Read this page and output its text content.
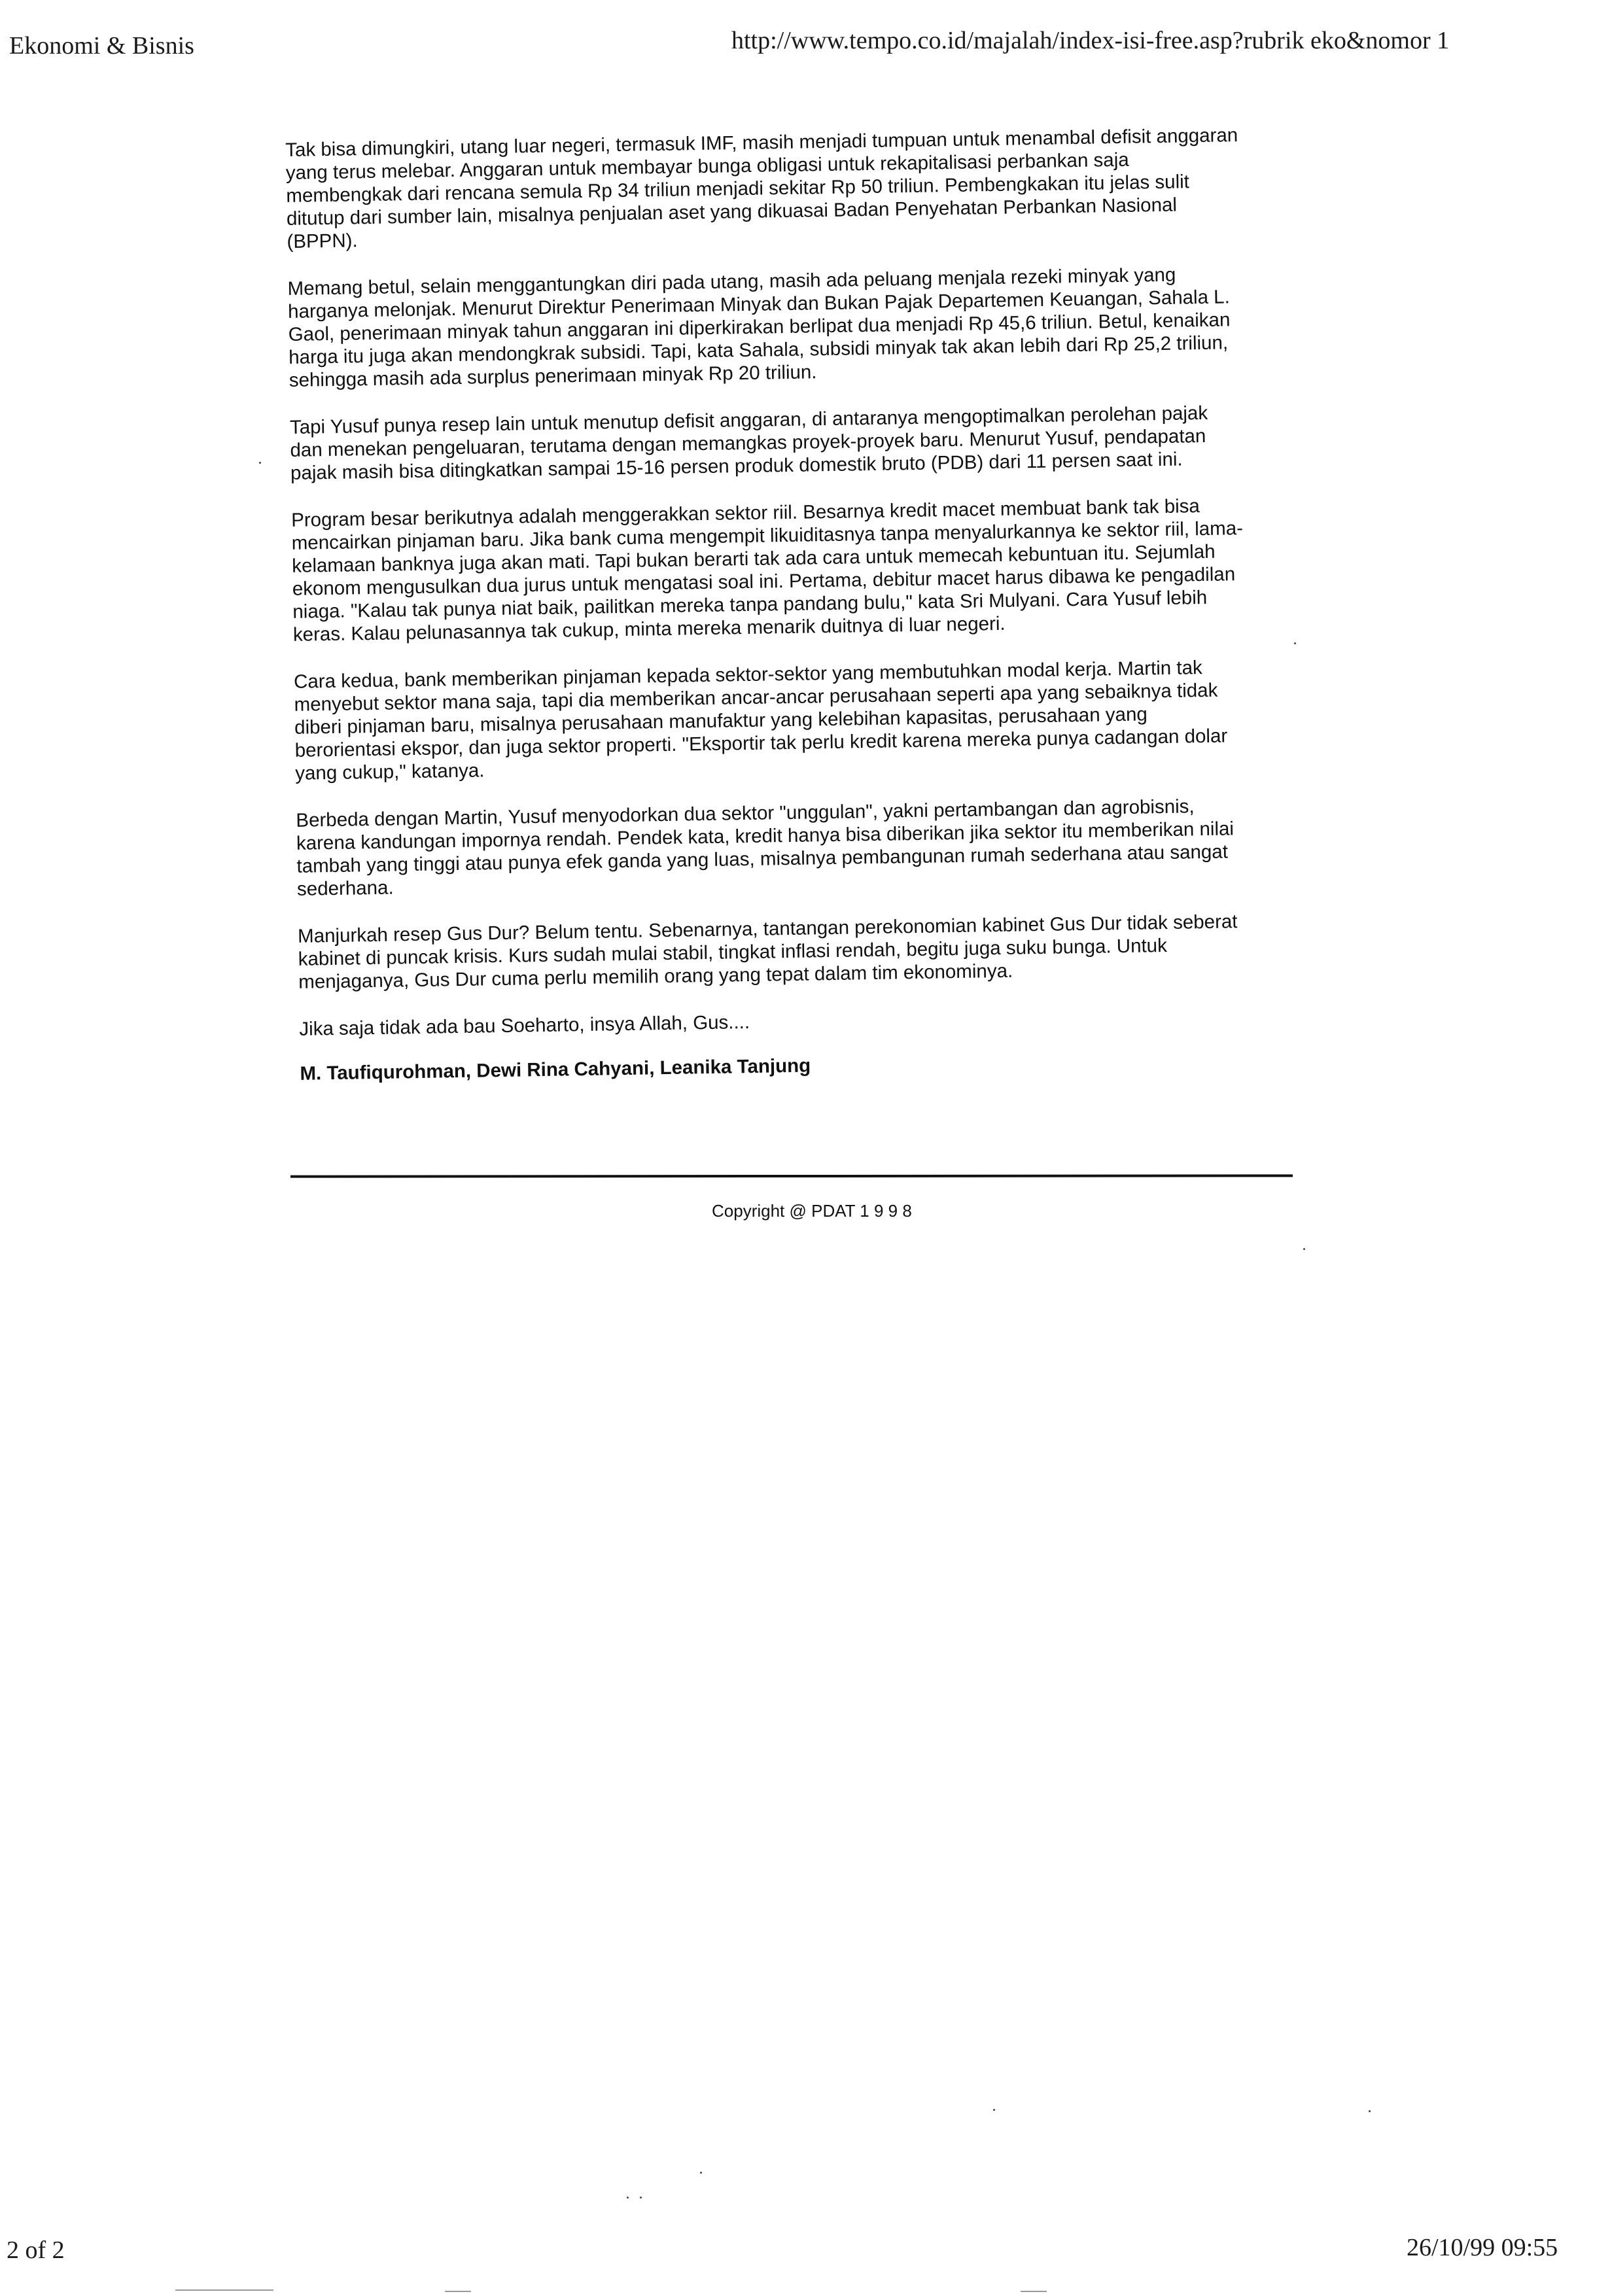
Ekonomi & Bisnis	http://www.tempo.co.id/majalah/index-isi-free.asp?rubrik eko&nomor 1

Tak bisa dimungkiri, utang luar negeri, termasuk IMF, masih menjadi tumpuan untuk menambal defisit anggaran yang terus melebar. Anggaran untuk membayar bunga obligasi untuk rekapitalisasi perbankan saja membengkak dari rencana semula Rp 34 triliun menjadi sekitar Rp 50 triliun. Pembengkakan itu jelas sulit ditutup dari sumber lain, misalnya penjualan aset yang dikuasai Badan Penyehatan Perbankan Nasional (BPPN).

Memang betul, selain menggantungkan diri pada utang, masih ada peluang menjala rezeki minyak yang harganya melonjak. Menurut Direktur Penerimaan Minyak dan Bukan Pajak Departemen Keuangan, Sahala L. Gaol, penerimaan minyak tahun anggaran ini diperkirakan berlipat dua menjadi Rp 45,6 triliun. Betul, kenaikan harga itu juga akan mendongkrak subsidi. Tapi, kata Sahala, subsidi minyak tak akan lebih dari Rp 25,2 triliun, sehingga masih ada surplus penerimaan minyak Rp 20 triliun.

Tapi Yusuf punya resep lain untuk menutup defisit anggaran, di antaranya mengoptimalkan perolehan pajak dan menekan pengeluaran, terutama dengan memangkas proyek-proyek baru. Menurut Yusuf, pendapatan pajak masih bisa ditingkatkan sampai 15-16 persen produk domestik bruto (PDB) dari 11 persen saat ini.

Program besar berikutnya adalah menggerakkan sektor riil. Besarnya kredit macet membuat bank tak bisa mencairkan pinjaman baru. Jika bank cuma mengempit likuiditasnya tanpa menyalurkannya ke sektor riil, lama-kelamaan banknya juga akan mati. Tapi bukan berarti tak ada cara untuk memecah kebuntuan itu. Sejumlah ekonom mengusulkan dua jurus untuk mengatasi soal ini. Pertama, debitur macet harus dibawa ke pengadilan niaga. "Kalau tak punya niat baik, pailitkan mereka tanpa pandang bulu," kata Sri Mulyani. Cara Yusuf lebih keras. Kalau pelunasannya tak cukup, minta mereka menarik duitnya di luar negeri.

Cara kedua, bank memberikan pinjaman kepada sektor-sektor yang membutuhkan modal kerja. Martin tak menyebut sektor mana saja, tapi dia memberikan ancar-ancar perusahaan seperti apa yang sebaiknya tidak diberi pinjaman baru, misalnya perusahaan manufaktur yang kelebihan kapasitas, perusahaan yang berorientasi ekspor, dan juga sektor properti. "Eksportir tak perlu kredit karena mereka punya cadangan dolar yang cukup," katanya.

Berbeda dengan Martin, Yusuf menyodorkan dua sektor "unggulan", yakni pertambangan dan agrobisnis, karena kandungan impornya rendah. Pendek kata, kredit hanya bisa diberikan jika sektor itu memberikan nilai tambah yang tinggi atau punya efek ganda yang luas, misalnya pembangunan rumah sederhana atau sangat sederhana.

Manjurkah resep Gus Dur? Belum tentu. Sebenarnya, tantangan perekonomian kabinet Gus Dur tidak seberat kabinet di puncak krisis. Kurs sudah mulai stabil, tingkat inflasi rendah, begitu juga suku bunga. Untuk menjaganya, Gus Dur cuma perlu memilih orang yang tepat dalam tim ekonominya.

Jika saja tidak ada bau Soeharto, insya Allah, Gus....

M. Taufiqurohman, Dewi Rina Cahyani, Leanika Tanjung

Copyright @ PDAT 1 9 9 8
2 of 2	26/10/99 09:55
